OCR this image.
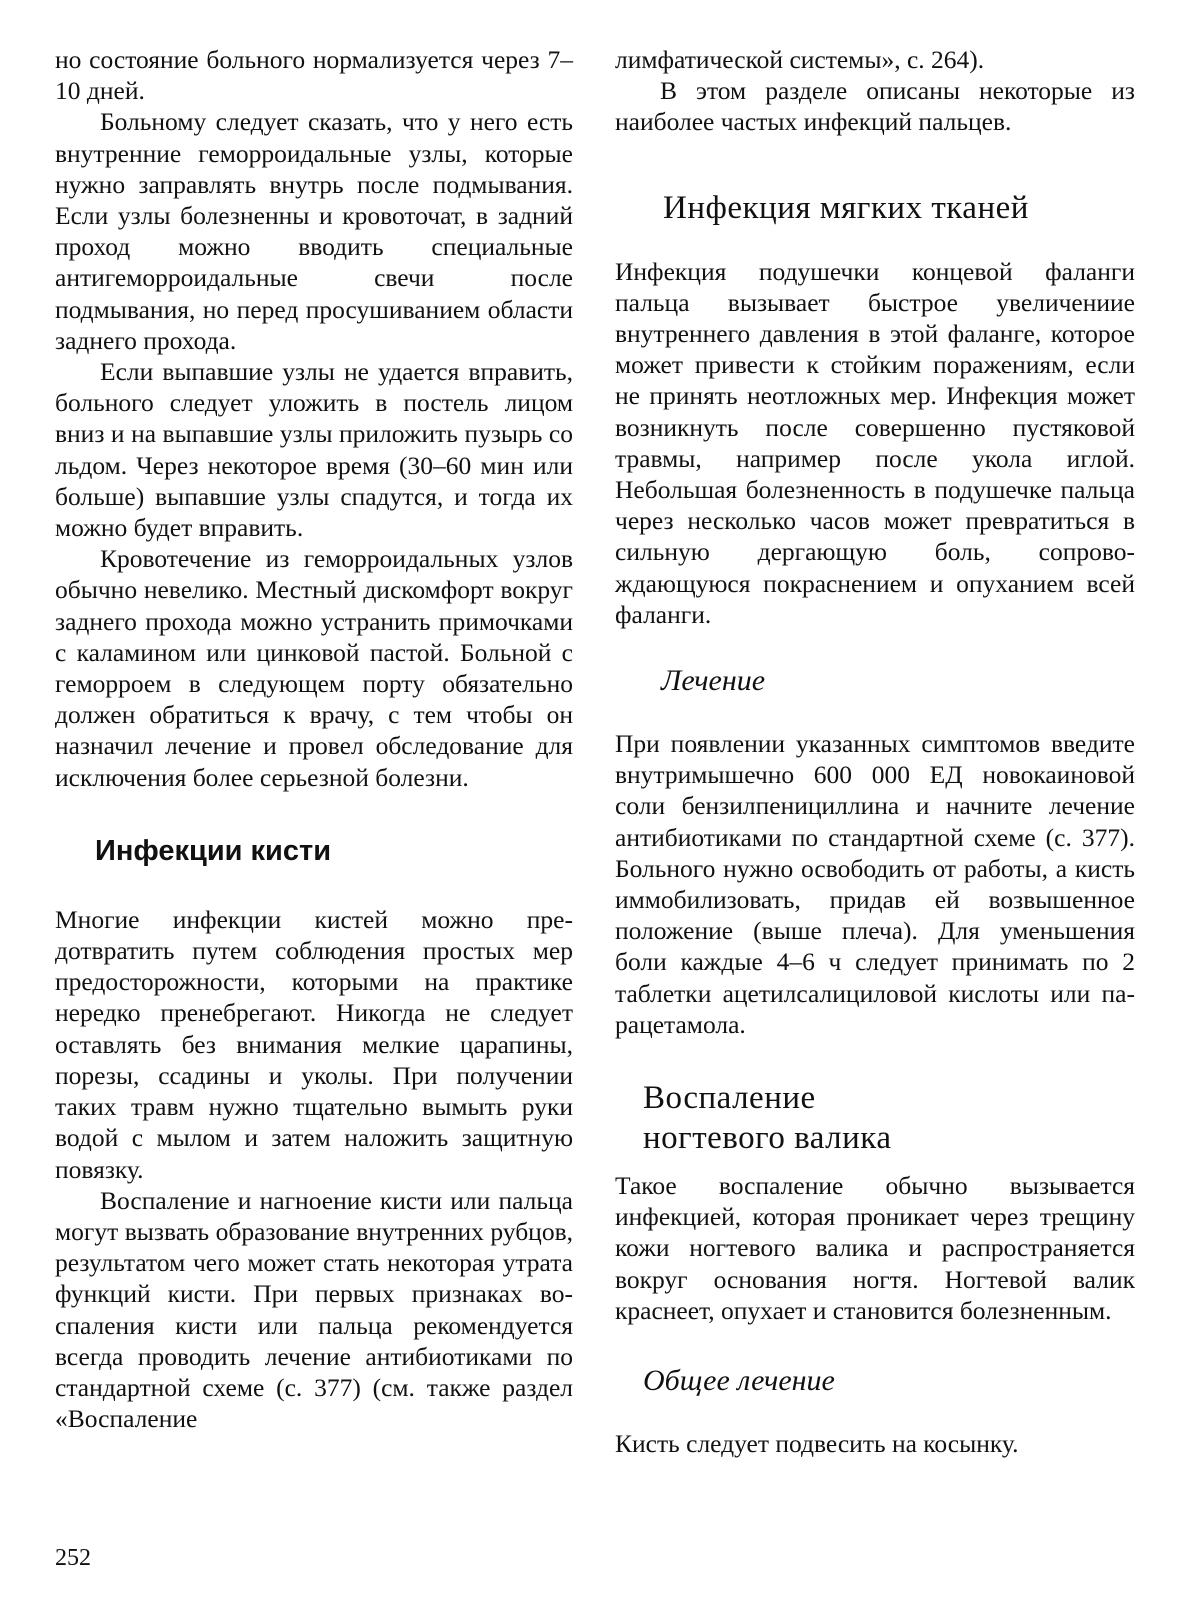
но состояние больного нормализуется через 7–10 дней.

Больному следует сказать, что у него есть внутренние геморроидальные узлы, которые нужно заправлять внутрь после подмывания. Если узлы болезненны и кровоточат, в задний проход можно вводить специальные антигеморроидальные свечи после подмывания, но перед просушиванием области заднего прохода.

Если выпавшие узлы не удается вправить, больного следует уложить в постель лицом вниз и на выпавшие узлы приложить пузырь со льдом. Через некоторое время (30–60 мин или больше) выпавшие узлы спадутся, и тогда их можно будет вправить.

Кровотечение из геморроидальных узлов обычно невелико. Местный дискомфорт вокруг заднего прохода можно устранить примочками с каламином или цинковой пастой. Больной с геморроем в следующем порту обязательно должен обратиться к врачу, с тем чтобы он назначил лечение и провел обследование для исключения более серьезной болезни.

Инфекции кисти

Многие инфекции кистей можно предотвратить путем соблюдения простых мер предосторожности, которыми на практике нередко пренебрегают. Никогда не следует оставлять без внимания мелкие царапины, порезы, ссадины и уколы. При получении таких травм нужно тщательно вымыть руки водой с мылом и затем наложить защитную повязку.

Воспаление и нагноение кисти или пальца могут вызвать образование внутренних рубцов, результатом чего может стать некоторая утрата функций кисти. При первых признаках воспаления кисти или пальца рекомендуется всегда проводить лечение антибиотиками по стандартной схеме (с. 377) (см. также раздел «Воспаление

лимфатической системы», с. 264).

В этом разделе описаны некоторые из наиболее частых инфекций пальцев.

Инфекция мягких тканей

Инфекция подушечки концевой фаланги пальца вызывает быстрое увеличениие внутреннего давления в этой фаланге, которое может привести к стойким поражениям, если не принять неотложных мер. Инфекция может возникнуть после совершенно пустяковой травмы, например после укола иглой. Небольшая болезненность в подушечке пальца через несколько часов может превратиться в сильную дергающую боль, сопровождающуюся покраснением и опуханием всей фаланги.

Лечение

При появлении указанных симптомов введите внутримышечно 600 000 ЕД новокаиновой соли бензилпенициллина и начните лечение антибиотиками по стандартной схеме (с. 377). Больного нужно освободить от работы, а кисть иммобилизовать, придав ей возвышенное положение (выше плеча). Для уменьшения боли каждые 4–6 ч следует принимать по 2 таблетки ацетилсалициловой кислоты или парацетамола.

Воспаление
ногтевого валика

Такое воспаление обычно вызывается инфекцией, которая проникает через трещину кожи ногтевого валика и распространяется вокруг основания ногтя. Ногтевой валик краснеет, опухает и становится болезненным.

Общее лечение

Кисть следует подвесить на косынку.

252
